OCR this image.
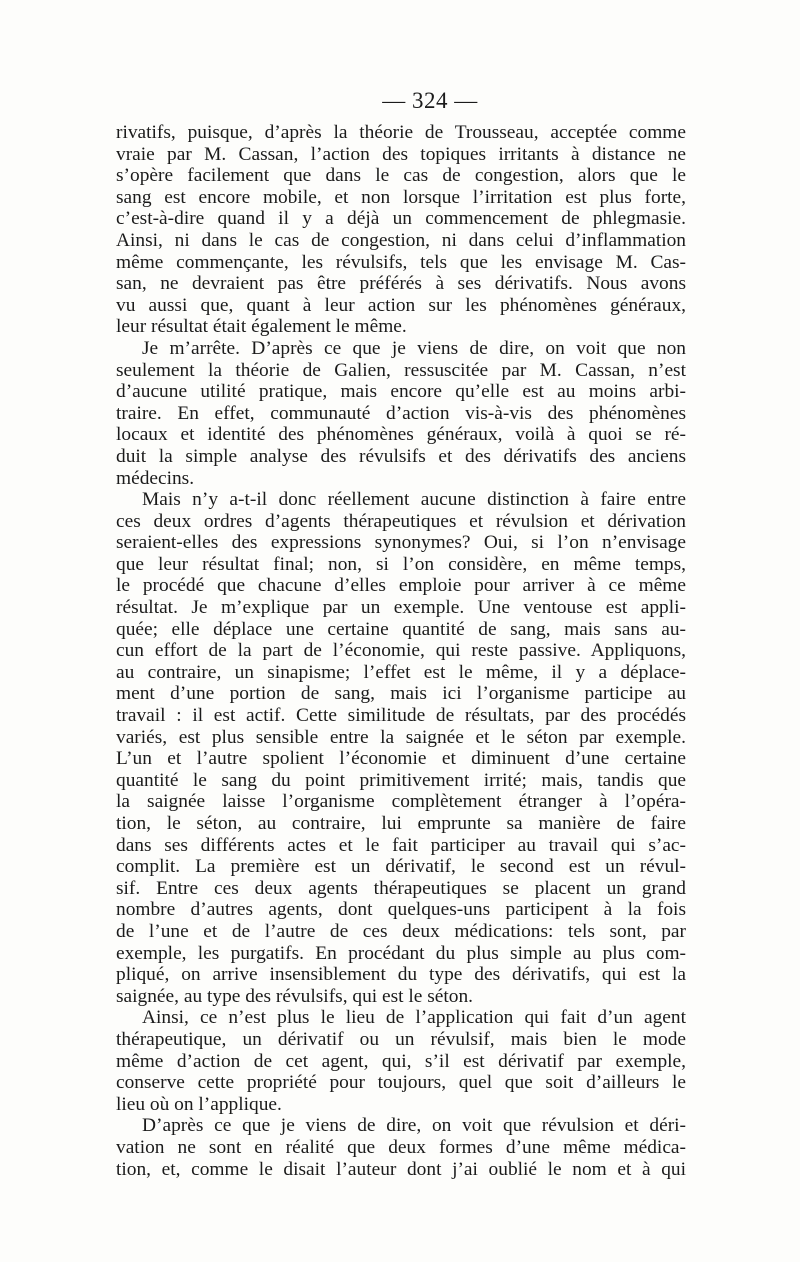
— 324 —
rivatifs, puisque, d’après la théorie de Trousseau, acceptée comme
vraie par M. Cassan, l’action des topiques irritants à distance ne
s’opère facilement que dans le cas de congestion, alors que le
sang est encore mobile, et non lorsque l’irritation est plus forte,
c’est-à-dire quand il y a déjà un commencement de phlegmasie.
Ainsi, ni dans le cas de congestion, ni dans celui d’inflammation
même commençante, les révulsifs, tels que les envisage M. Cas-
san, ne devraient pas être préférés à ses dérivatifs. Nous avons
vu aussi que, quant à leur action sur les phénomènes généraux,
leur résultat était également le même.
Je m’arrête. D’après ce que je viens de dire, on voit que non
seulement la théorie de Galien, ressuscitée par M. Cassan, n’est
d’aucune utilité pratique, mais encore qu’elle est au moins arbi-
traire. En effet, communauté d’action vis-à-vis des phénomènes
locaux et identité des phénomènes généraux, voilà à quoi se ré-
duit la simple analyse des révulsifs et des dérivatifs des anciens
médecins.
Mais n’y a-t-il donc réellement aucune distinction à faire entre
ces deux ordres d’agents thérapeutiques et révulsion et dérivation
seraient-elles des expressions synonymes? Oui, si l’on n’envisage
que leur résultat final; non, si l’on considère, en même temps,
le procédé que chacune d’elles emploie pour arriver à ce même
résultat. Je m’explique par un exemple. Une ventouse est appli-
quée; elle déplace une certaine quantité de sang, mais sans au-
cun effort de la part de l’économie, qui reste passive. Appliquons,
au contraire, un sinapisme; l’effet est le même, il y a déplace-
ment d’une portion de sang, mais ici l’organisme participe au
travail : il est actif. Cette similitude de résultats, par des procédés
variés, est plus sensible entre la saignée et le séton par exemple.
L’un et l’autre spolient l’économie et diminuent d’une certaine
quantité le sang du point primitivement irrité; mais, tandis que
la saignée laisse l’organisme complètement étranger à l’opéra-
tion, le séton, au contraire, lui emprunte sa manière de faire
dans ses différents actes et le fait participer au travail qui s’ac-
complit. La première est un dérivatif, le second est un révul-
sif. Entre ces deux agents thérapeutiques se placent un grand
nombre d’autres agents, dont quelques-uns participent à la fois
de l’une et de l’autre de ces deux médications: tels sont, par
exemple, les purgatifs. En procédant du plus simple au plus com-
pliqué, on arrive insensiblement du type des dérivatifs, qui est la
saignée, au type des révulsifs, qui est le séton.
Ainsi, ce n’est plus le lieu de l’application qui fait d’un agent
thérapeutique, un dérivatif ou un révulsif, mais bien le mode
même d’action de cet agent, qui, s’il est dérivatif par exemple,
conserve cette propriété pour toujours, quel que soit d’ailleurs le
lieu où on l’applique.
D’après ce que je viens de dire, on voit que révulsion et déri-
vation ne sont en réalité que deux formes d’une même médica-
tion, et, comme le disait l’auteur dont j’ai oublié le nom et à qui
